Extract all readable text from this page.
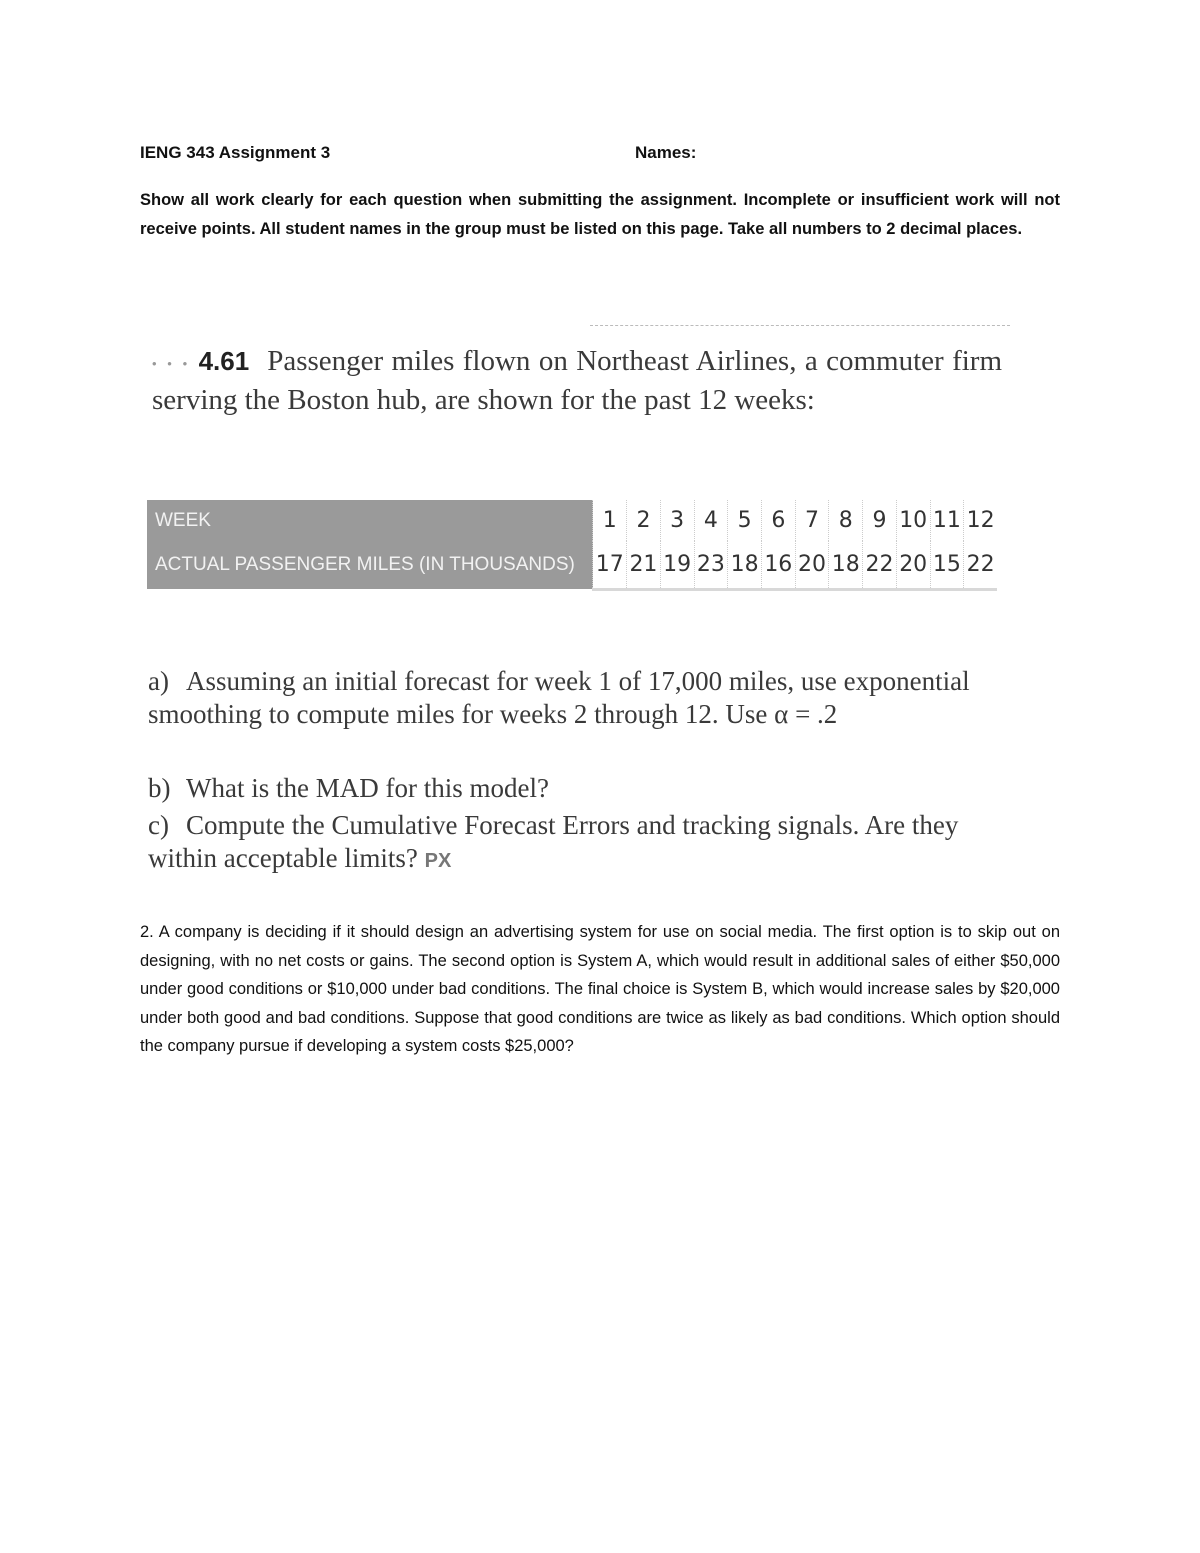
IENG 343 Assignment 3	Names:
Show all work clearly for each question when submitting the assignment. Incomplete or insufficient work will not receive points. All student names in the group must be listed on this page. Take all numbers to 2 decimal places.
• • • 4.61 Passenger miles flown on Northeast Airlines, a commuter firm serving the Boston hub, are shown for the past 12 weeks:
WEEK	1	2	3	4	5	6	7	8	9	10	11	12
ACTUAL PASSENGER MILES (IN THOUSANDS)	17	21	19	23	18	16	20	18	22	20	15	22
a) Assuming an initial forecast for week 1 of 17,000 miles, use exponential smoothing to compute miles for weeks 2 through 12. Use α = .2
b) What is the MAD for this model?
c) Compute the Cumulative Forecast Errors and tracking signals. Are they within acceptable limits? PX
2. A company is deciding if it should design an advertising system for use on social media. The first option is to skip out on designing, with no net costs or gains. The second option is System A, which would result in additional sales of either $50,000 under good conditions or $10,000 under bad conditions. The final choice is System B, which would increase sales by $20,000 under both good and bad conditions. Suppose that good conditions are twice as likely as bad conditions. Which option should the company pursue if developing a system costs $25,000?
